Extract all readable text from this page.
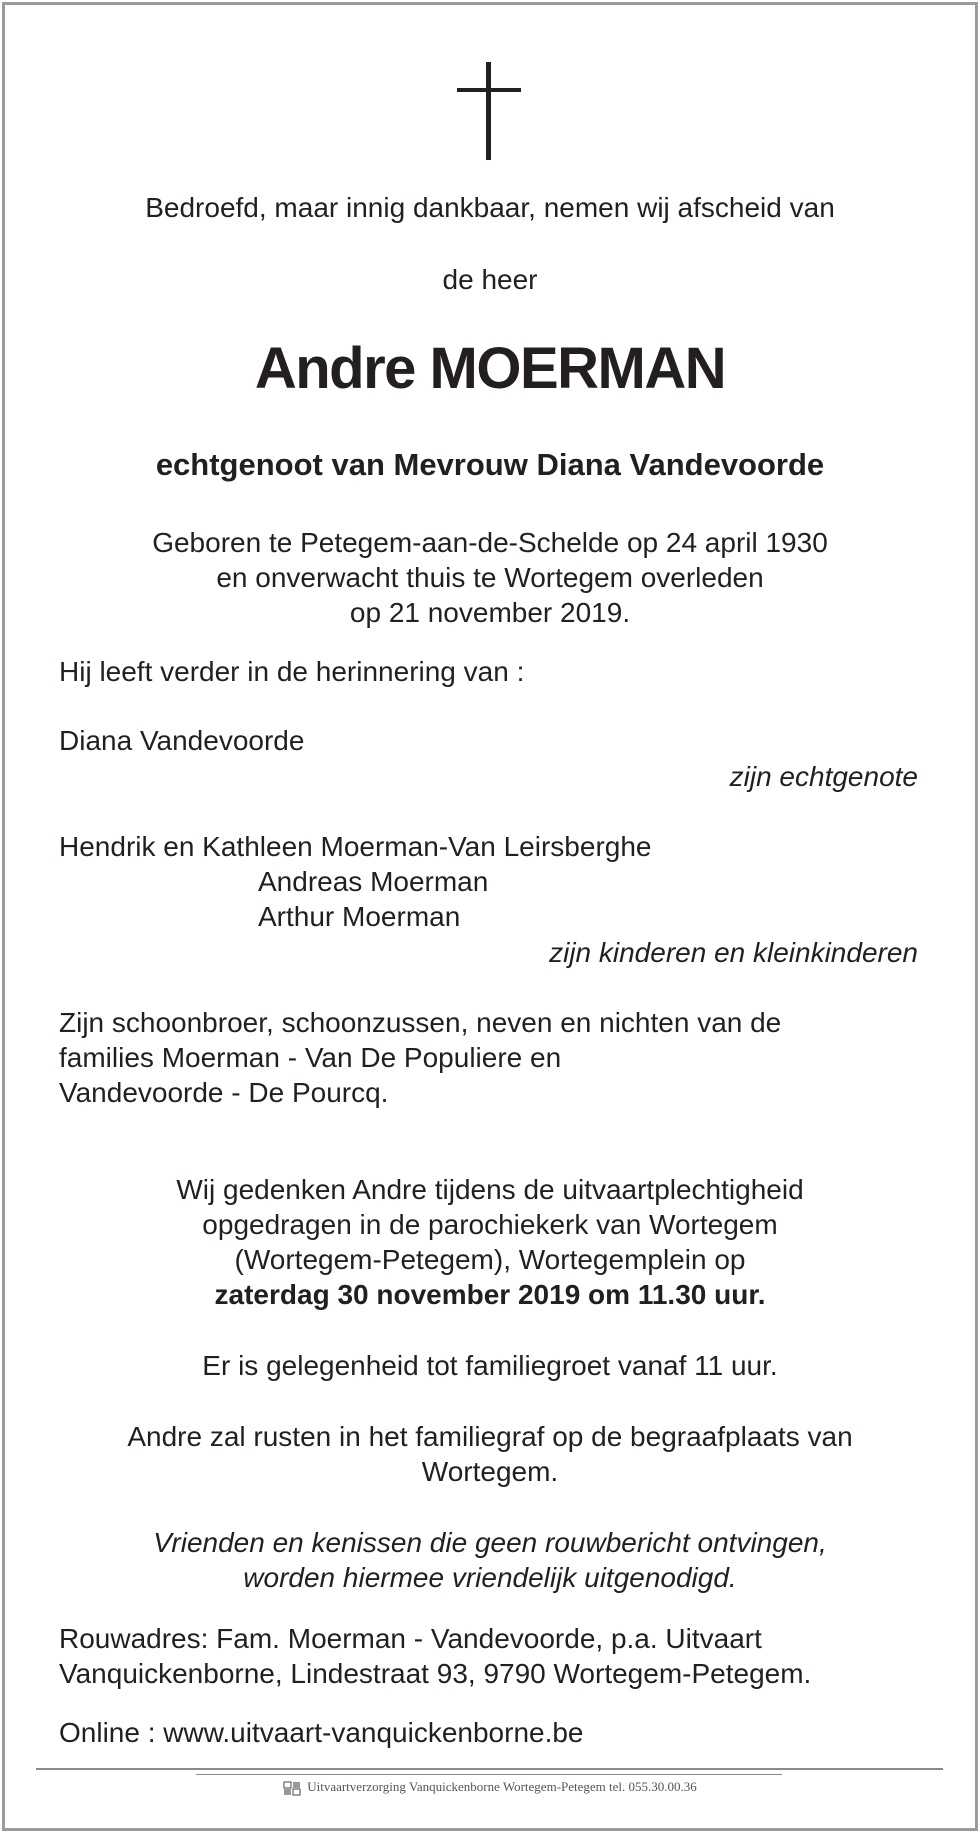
Bedroefd, maar innig dankbaar, nemen wij afscheid van
de heer
Andre MOERMAN
echtgenoot van Mevrouw Diana Vandevoorde
Geboren te Petegem-aan-de-Schelde op 24 april 1930
en onverwacht thuis te Wortegem overleden
op 21 november 2019.
Hij leeft verder in de herinnering van :
Diana Vandevoorde
zijn echtgenote
Hendrik en Kathleen Moerman-Van Leirsberghe
Andreas Moerman
Arthur Moerman
zijn kinderen en kleinkinderen
Zijn schoonbroer, schoonzussen, neven en nichten van de
families Moerman - Van De Populiere en
Vandevoorde - De Pourcq.
Wij gedenken Andre tijdens de uitvaartplechtigheid
opgedragen in de parochiekerk van Wortegem
(Wortegem-Petegem), Wortegemplein op
zaterdag 30 november 2019 om 11.30 uur.
Er is gelegenheid tot familiegroet vanaf 11 uur.
Andre zal rusten in het familiegraf op de begraafplaats van
Wortegem.
Vrienden en kenissen die geen rouwbericht ontvingen,
worden hiermee vriendelijk uitgenodigd.
Rouwadres: Fam. Moerman - Vandevoorde, p.a. Uitvaart
Vanquickenborne, Lindestraat 93, 9790 Wortegem-Petegem.
Online : www.uitvaart-vanquickenborne.be
Uitvaartverzorging Vanquickenborne Wortegem-Petegem tel. 055.30.00.36
